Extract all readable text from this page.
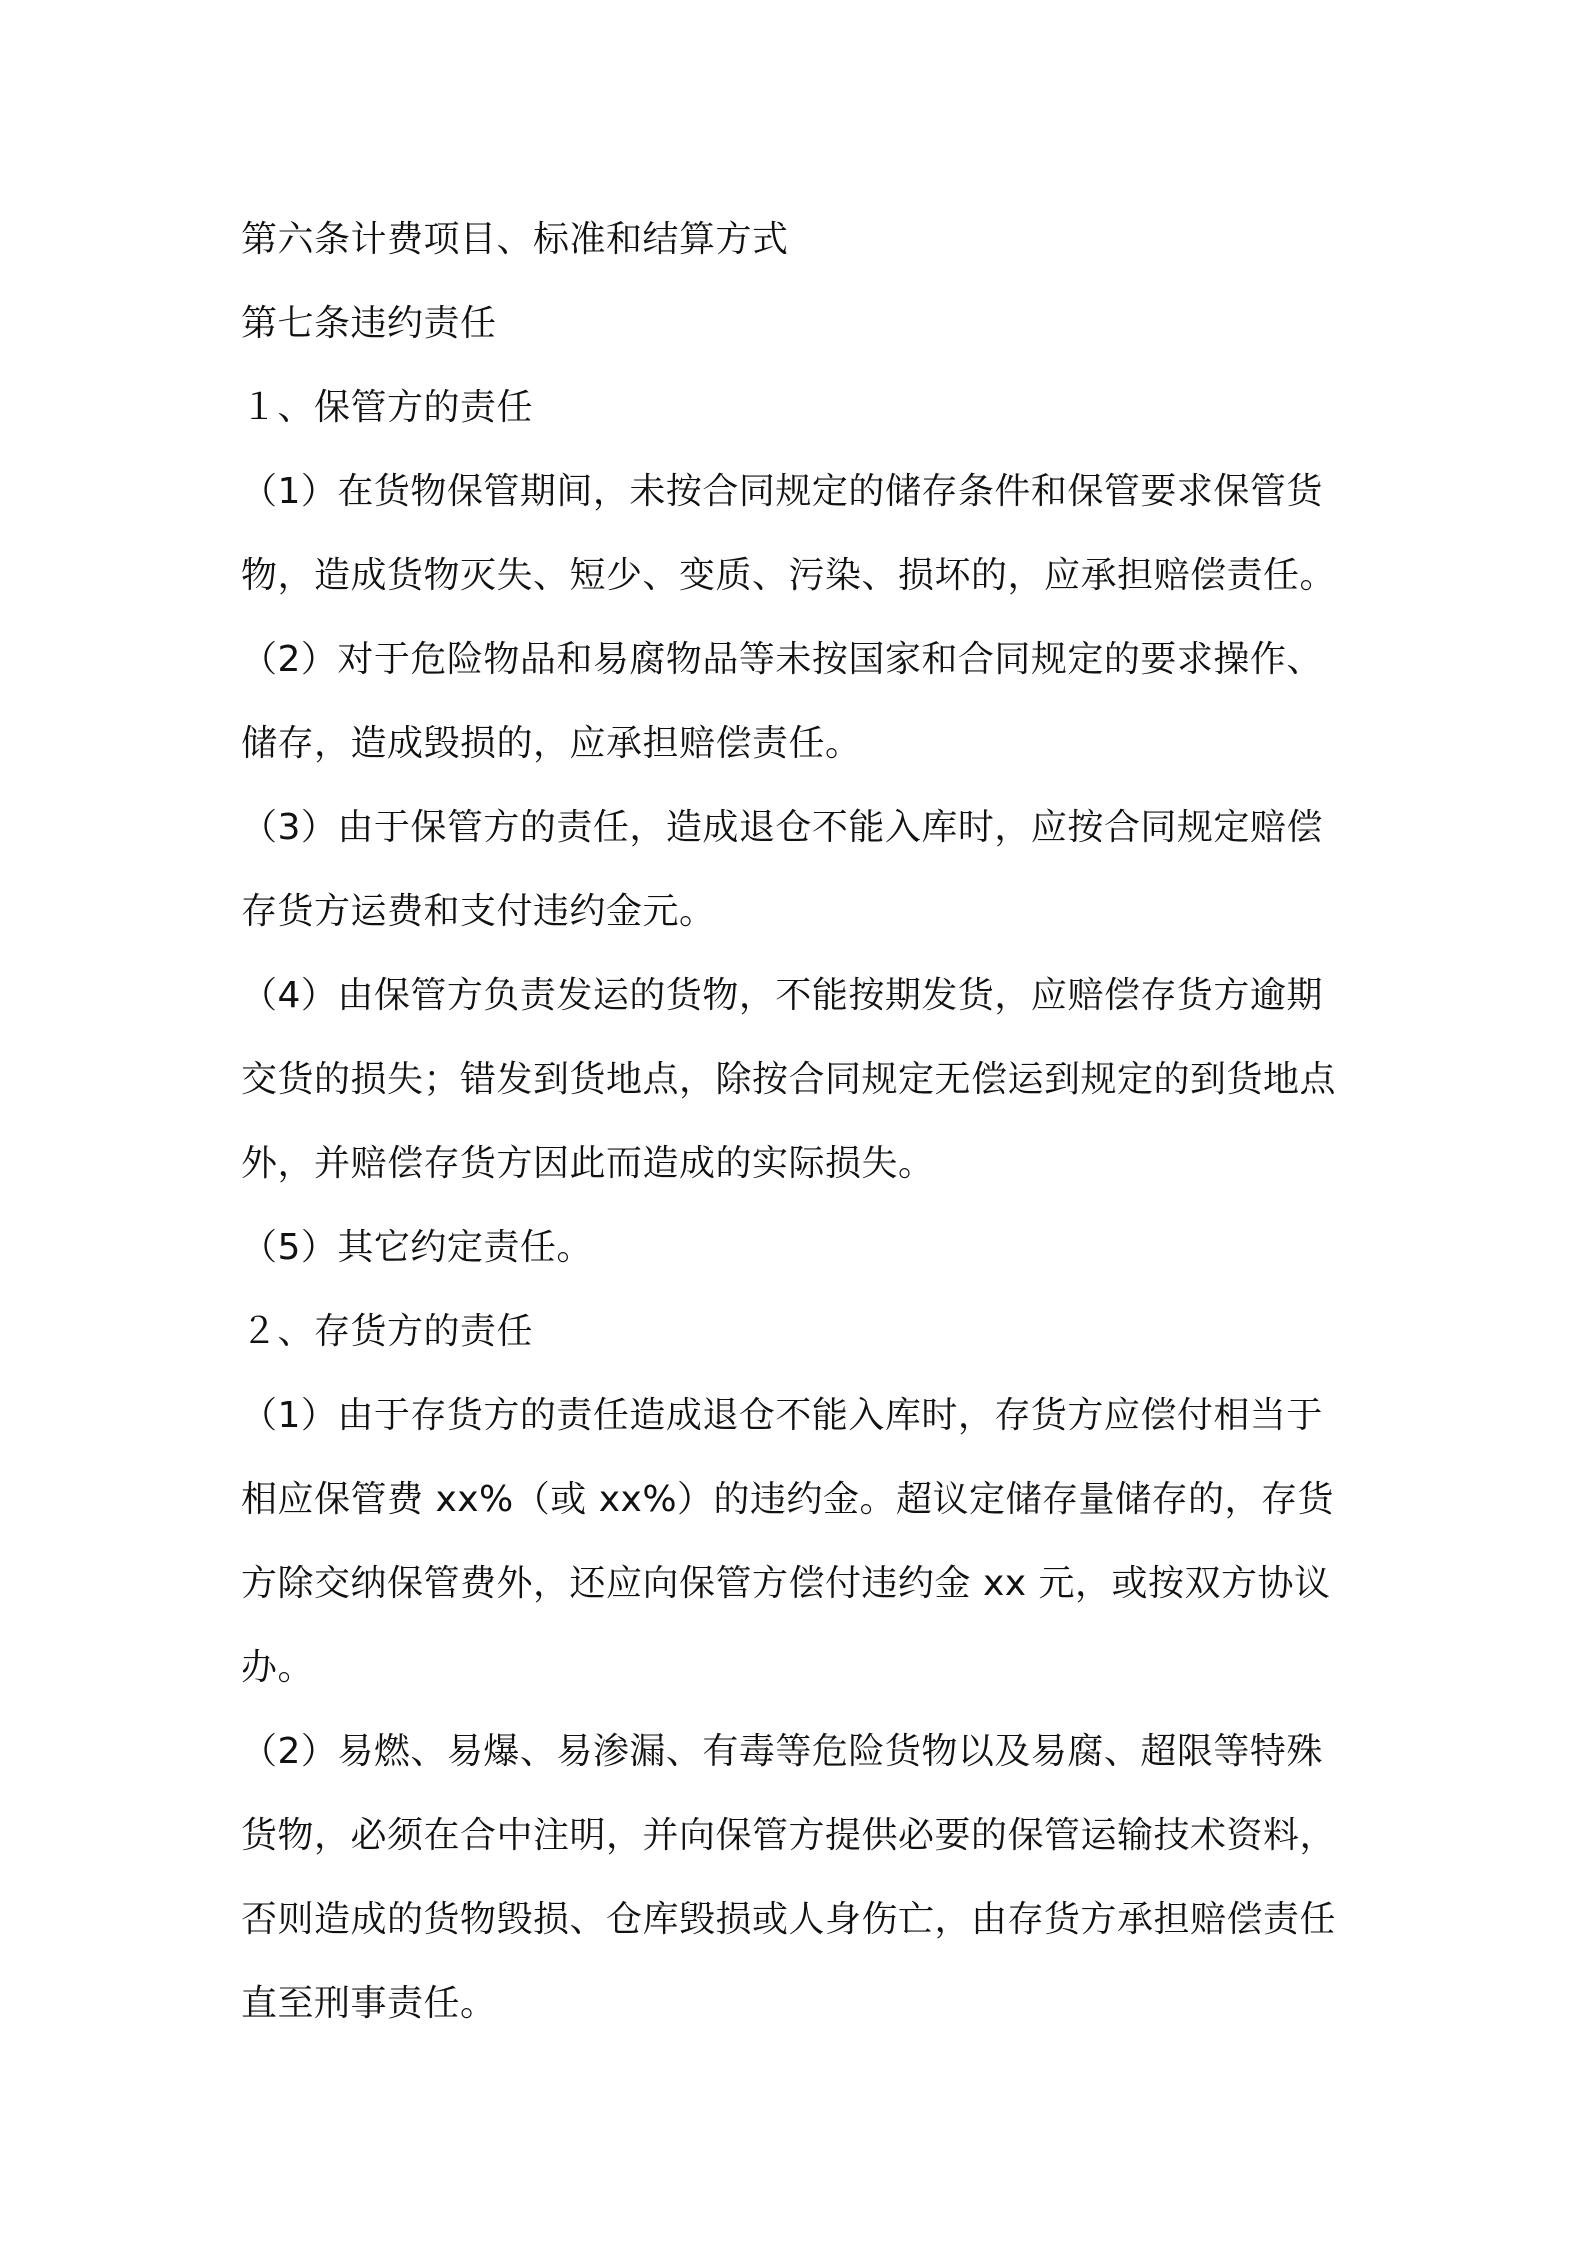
第六条计费项目、标准和结算方式
第七条违约责任
１、保管方的责任
（1）在货物保管期间，未按合同规定的储存条件和保管要求保管货
物，造成货物灭失、短少、变质、污染、损坏的，应承担赔偿责任。
（2）对于危险物品和易腐物品等未按国家和合同规定的要求操作、
储存，造成毁损的，应承担赔偿责任。
（3）由于保管方的责任，造成退仓不能入库时，应按合同规定赔偿
存货方运费和支付违约金元。
（4）由保管方负责发运的货物，不能按期发货，应赔偿存货方逾期
交货的损失；错发到货地点，除按合同规定无偿运到规定的到货地点
外，并赔偿存货方因此而造成的实际损失。
（5）其它约定责任。
２、存货方的责任
（1）由于存货方的责任造成退仓不能入库时，存货方应偿付相当于
相应保管费 xx%（或 xx%）的违约金。超议定储存量储存的，存货
方除交纳保管费外，还应向保管方偿付违约金 xx 元，或按双方协议
办。
（2）易燃、易爆、易渗漏、有毒等危险货物以及易腐、超限等特殊
货物，必须在合中注明，并向保管方提供必要的保管运输技术资料，
否则造成的货物毁损、仓库毁损或人身伤亡，由存货方承担赔偿责任
直至刑事责任。
